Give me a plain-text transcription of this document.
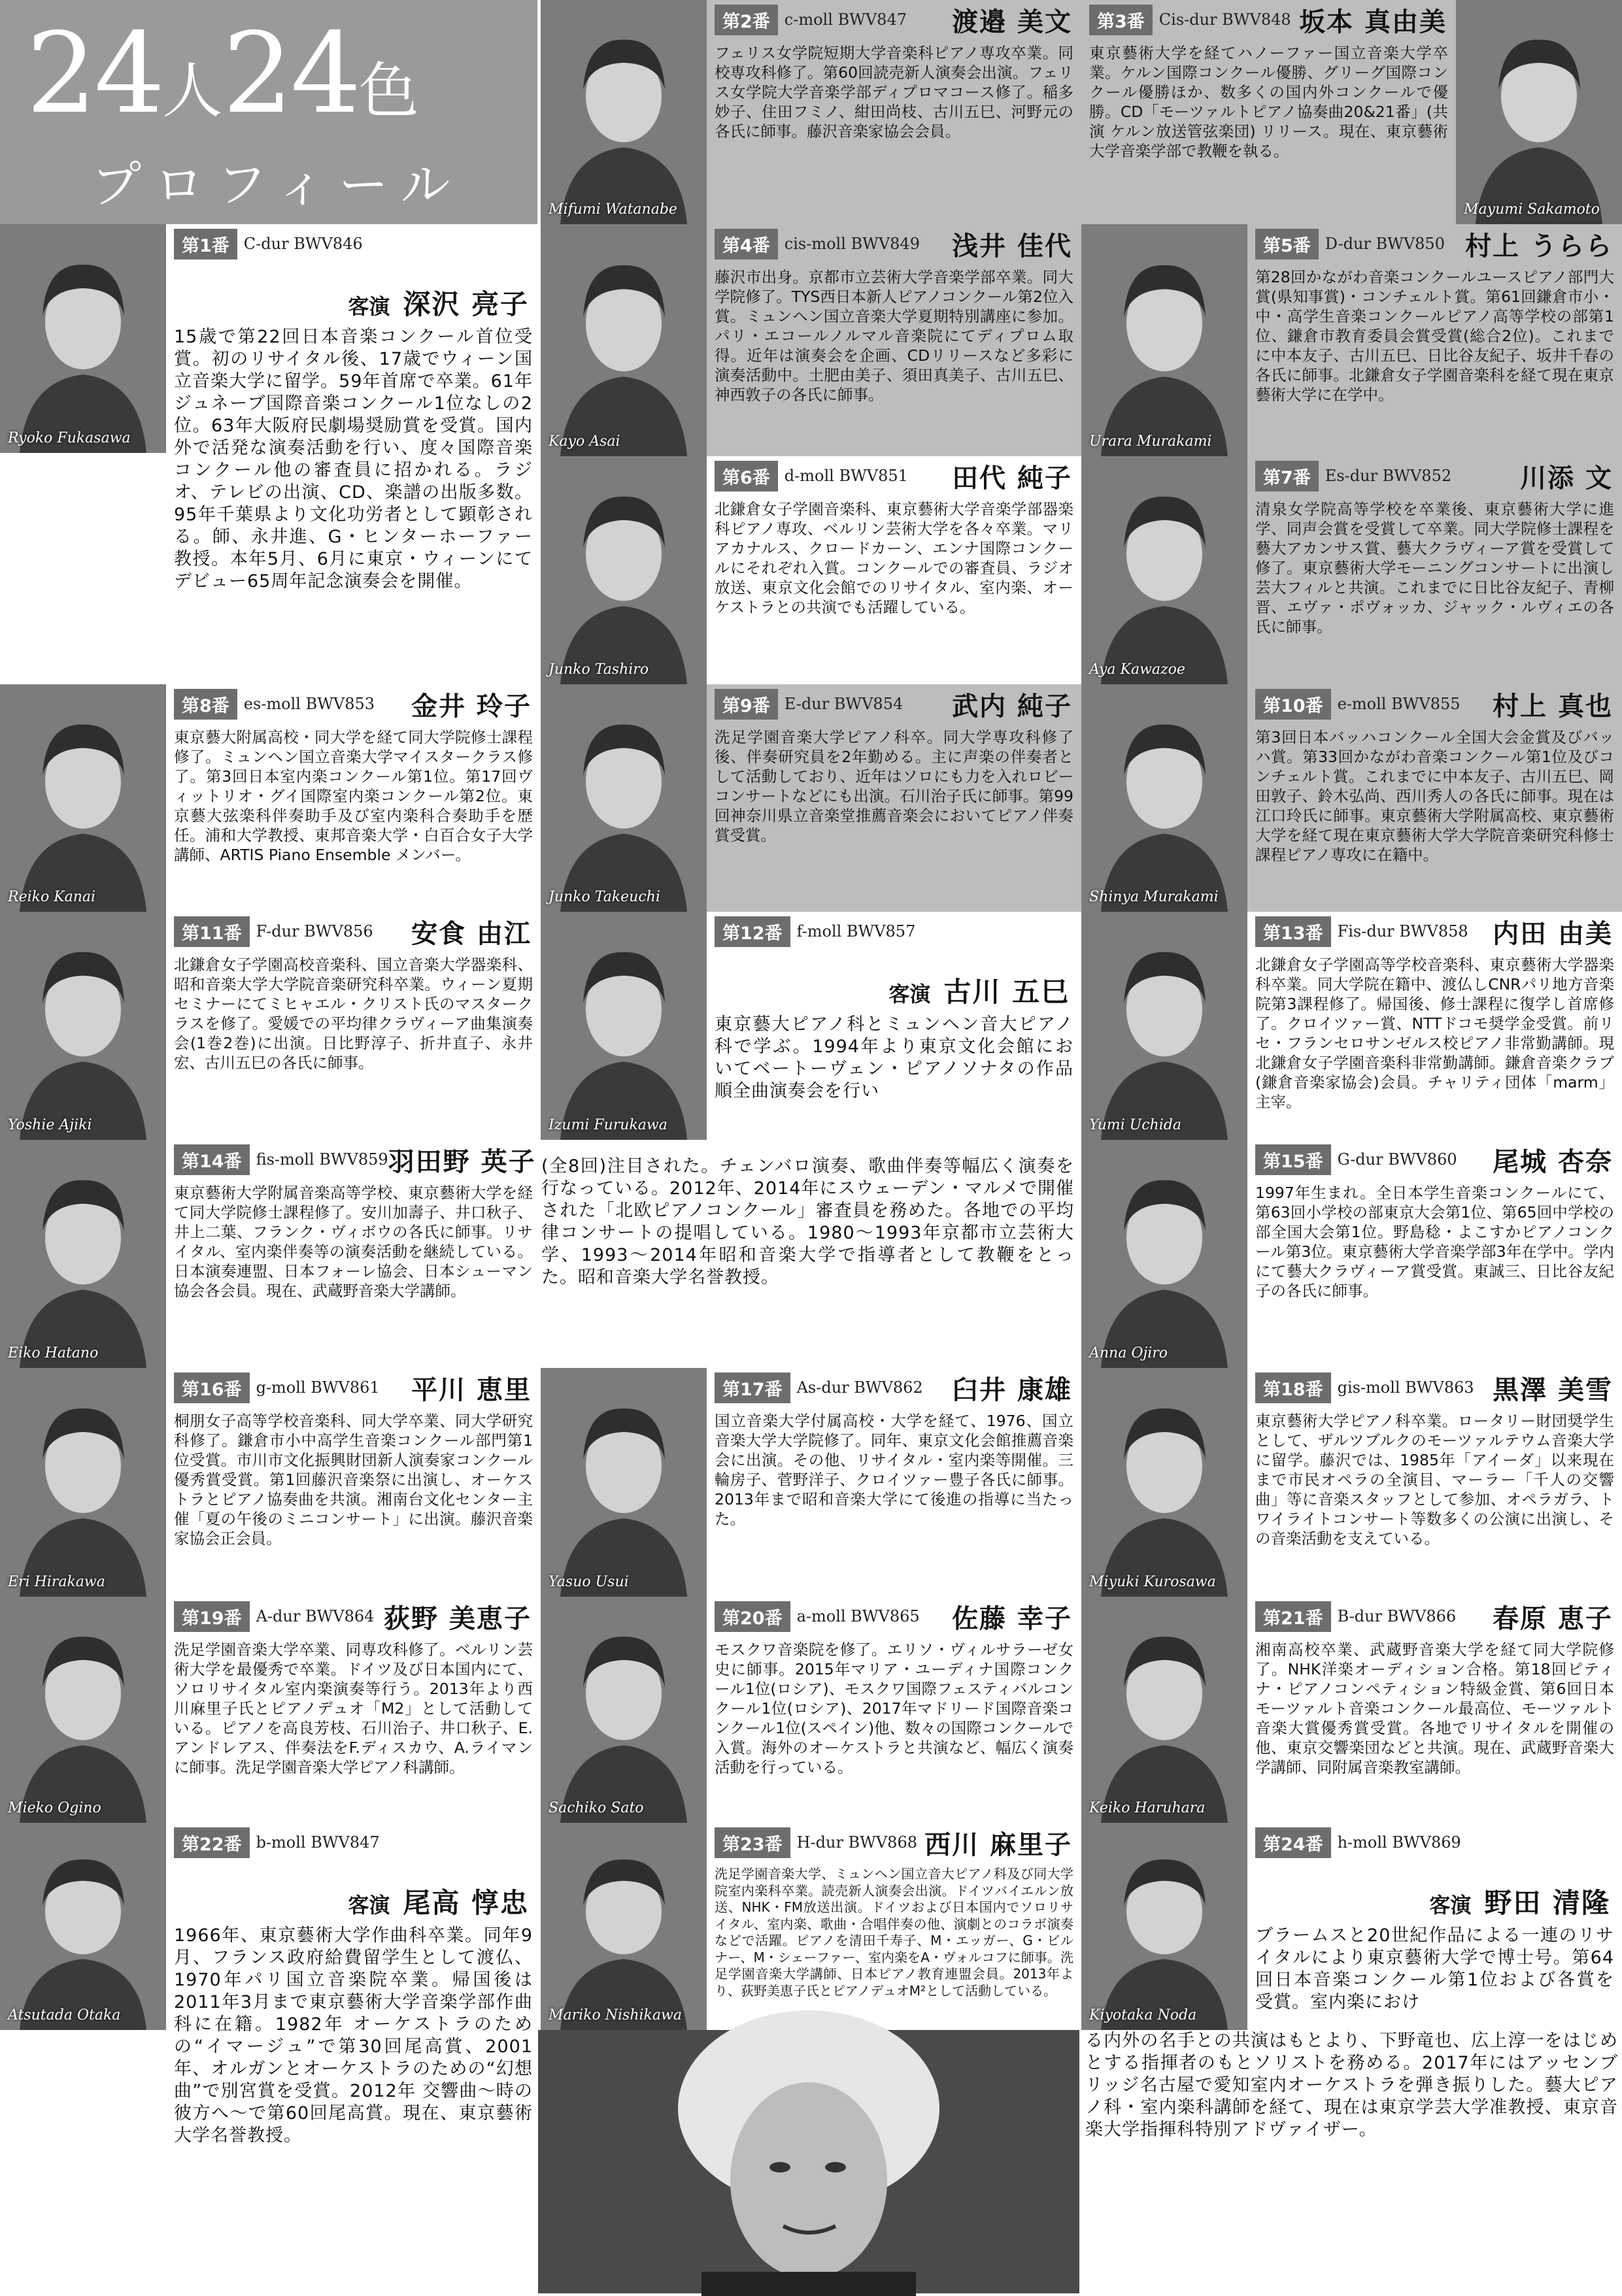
24人24色
プロフィール	Mifumi Watanabe
第2番 c-moll BWV847 渡邉 美文
フェリス女学院短期大学音楽科ピアノ専攻卒業。同校専攻科修了。第60回読売新人演奏会出演。フェリス女学院大学音楽学部ディプロマコース修了。稲多妙子、住田フミノ、紺田尚枝、古川五巳、河野元の各氏に師事。藤沢音楽家協会会員。
Mayumi Sakamoto
第3番 Cis-dur BWV848 坂本 真由美
東京藝術大学を経てハノーファー国立音楽大学卒業。ケルン国際コンクール優勝、グリーグ国際コンクール優勝ほか、数多くの国内外コンクールで優勝。CD「モーツァルトピアノ協奏曲20&21番」(共演 ケルン放送管弦楽団) リリース。現在、東京藝術大学音楽学部で教鞭を執る。
Ryoko Fukasawa
第1番 C-dur BWV846
客演 深沢 亮子
15歳で第22回日本音楽コンクール首位受賞。初のリサイタル後、17歳でウィーン国立音楽大学に留学。59年首席で卒業。61年ジュネーブ国際音楽コンクール1位なしの2位。63年大阪府民劇場奨励賞を受賞。国内外で活発な演奏活動を行い、度々国際音楽コンクール他の審査員に招かれる。ラジオ、テレビの出演、CD、楽譜の出版多数。95年千葉県より文化功労者として顕彰される。師、永井進、G・ヒンターホーファー教授。本年5月、6月に東京・ウィーンにてデビュー65周年記念演奏会を開催。
Kayo Asai
第4番 cis-moll BWV849 浅井 佳代
藤沢市出身。京都市立芸術大学音楽学部卒業。同大学院修了。TYS西日本新人ピアノコンクール第2位入賞。ミュンヘン国立音楽大学夏期特別講座に参加。パリ・エコールノルマル音楽院にてディプロム取得。近年は演奏会を企画、CDリリースなど多彩に演奏活動中。土肥由美子、須田真美子、古川五巳、神西敦子の各氏に師事。
Urara Murakami
第5番 D-dur BWV850 村上 うらら
第28回かながわ音楽コンクールユースピアノ部門大賞(県知事賞)・コンチェルト賞。第61回鎌倉市小・中・高学生音楽コンクールピアノ高等学校の部第1位、鎌倉市教育委員会賞受賞(総合2位)。これまでに中本友子、古川五巳、日比谷友紀子、坂井千春の各氏に師事。北鎌倉女子学園音楽科を経て現在東京藝術大学に在学中。
Junko Tashiro
第6番 d-moll BWV851 田代 純子
北鎌倉女子学園音楽科、東京藝術大学音楽学部器楽科ピアノ専攻、ベルリン芸術大学を各々卒業。マリアカナルス、クロードカーン、エンナ国際コンクールにそれぞれ入賞。コンクールでの審査員、ラジオ放送、東京文化会館でのリサイタル、室内楽、オーケストラとの共演でも活躍している。
Aya Kawazoe
第7番 Es-dur BWV852	川添 文
清泉女学院高等学校を卒業後、東京藝術大学に進学、同声会賞を受賞して卒業。同大学院修士課程を藝大アカンサス賞、藝大クラヴィーア賞を受賞して修了。東京藝術大学モーニングコンサートに出演し芸大フィルと共演。これまでに日比谷友紀子、青柳晋、エヴァ・ポヴォッカ、ジャック・ルヴィエの各氏に師事。
Reiko Kanai
第8番 es-moll BWV853 金井 玲子
東京藝大附属高校・同大学を経て同大学院修士課程修了。ミュンヘン国立音楽大学マイスタークラス修了。第3回日本室内楽コンクール第1位。第17回ヴィットリオ・グイ国際室内楽コンクール第2位。東京藝大弦楽科伴奏助手及び室内楽科合奏助手を歴任。浦和大学教授、東邦音楽大学・白百合女子大学講師、ARTIS Piano Ensemble メンバー。
Junko Takeuchi
第9番 E-dur BWV854 武内 純子
洗足学園音楽大学ピアノ科卒。同大学専攻科修了後、伴奏研究員を2年勤める。主に声楽の伴奏者として活動しており、近年はソロにも力を入れロビーコンサートなどにも出演。石川治子氏に師事。第99回神奈川県立音楽堂推薦音楽会においてピアノ伴奏賞受賞。
Shinya Murakami
第10番 e-moll BWV855 村上 真也
第3回日本バッハコンクール全国大会金賞及びバッハ賞。第33回かながわ音楽コンクール第1位及びコンチェルト賞。これまでに中本友子、古川五巳、岡田敦子、鈴木弘尚、西川秀人の各氏に師事。現在は江口玲氏に師事。東京藝術大学附属高校、東京藝術大学を経て現在東京藝術大学大学院音楽研究科修士課程ピアノ専攻に在籍中。
Yoshie Ajiki
第11番 F-dur BWV856 安食 由江
北鎌倉女子学園高校音楽科、国立音楽大学器楽科、昭和音楽大学大学院音楽研究科卒業。ウィーン夏期セミナーにてミヒャエル・クリスト氏のマスタークラスを修了。愛媛での平均律クラヴィーア曲集演奏会(1巻2巻)に出演。日比野淳子、折井直子、永井宏、古川五巳の各氏に師事。
Izumi Furukawa
第12番 f-moll BWV857
客演 古川 五巳
東京藝大ピアノ科とミュンヘン音大ピアノ科で学ぶ。1994年より東京文化会館においてベートーヴェン・ピアノソナタの作品順全曲演奏会を行い
Yumi Uchida
第13番 Fis-dur BWV858 内田 由美
北鎌倉女子学園高等学校音楽科、東京藝術大学器楽科卒業。同大学院在籍中、渡仏しCNRパリ地方音楽院第3課程修了。帰国後、修士課程に復学し首席修了。クロイツァー賞、NTTドコモ奨学金受賞。前リセ・フランセロサンゼルス校ピアノ非常勤講師。現北鎌倉女子学園音楽科非常勤講師。鎌倉音楽クラブ(鎌倉音楽家協会)会員。チャリティ団体「marm」主宰。
Eiko Hatano
第14番 fis-moll BWV859 羽田野 英子
東京藝術大学附属音楽高等学校、東京藝術大学を経て同大学院修士課程修了。安川加壽子、井口秋子、井上二葉、フランク・ヴィボウの各氏に師事。リサイタル、室内楽伴奏等の演奏活動を継続している。日本演奏連盟、日本フォーレ協会、日本シューマン協会各会員。現在、武蔵野音楽大学講師。
Anna Ojiro
第15番 G-dur BWV860 尾城 杏奈
1997年生まれ。全日本学生音楽コンクールにて、第63回小学校の部東京大会第1位、第65回中学校の部全国大会第1位。野島稔・よこすかピアノコンクール第3位。東京藝術大学音楽学部3年在学中。学内にて藝大クラヴィーア賞受賞。東誠三、日比谷友紀子の各氏に師事。
Eri Hirakawa
第16番 g-moll BWV861 平川 恵里
桐朋女子高等学校音楽科、同大学卒業、同大学研究科修了。鎌倉市小中高学生音楽コンクール部門第1位受賞。市川市文化振興財団新人演奏家コンクール優秀賞受賞。第1回藤沢音楽祭に出演し、オーケストラとピアノ協奏曲を共演。湘南台文化センター主催「夏の午後のミニコンサート」に出演。藤沢音楽家協会正会員。
Yasuo Usui
第17番 As-dur BWV862 臼井 康雄
国立音楽大学付属高校・大学を経て、1976、国立音楽大学大学院修了。同年、東京文化会館推薦音楽会に出演。その他、リサイタル・室内楽等開催。三輪房子、菅野洋子、クロイツァー豊子各氏に師事。2013年まで昭和音楽大学にて後進の指導に当たった。
Miyuki Kurosawa
第18番 gis-moll BWV863 黒澤 美雪
東京藝術大学ピアノ科卒業。ロータリー財団奨学生として、ザルツブルクのモーツァルテウム音楽大学に留学。藤沢では、1985年「アイーダ」以来現在まで市民オペラの全演目、マーラー「千人の交響曲」等に音楽スタッフとして参加、オペラガラ、トワイライトコンサート等数多くの公演に出演し、その音楽活動を支えている。
Mieko Ogino
第19番 A-dur BWV864 荻野 美恵子
洗足学園音楽大学卒業、同専攻科修了。ベルリン芸術大学を最優秀で卒業。ドイツ及び日本国内にて、ソロリサイタル室内楽演奏等行う。2013年より西川麻里子氏とピアノデュオ「M2」として活動している。ピアノを高良芳枝、石川治子、井口秋子、E.アンドレアス、伴奏法をF.ディスカウ、A.ライマンに師事。洗足学園音楽大学ピアノ科講師。
Sachiko Sato
第20番 a-moll BWV865 佐藤 幸子
モスクワ音楽院を修了。エリソ・ヴィルサラーゼ女史に師事。2015年マリア・ユーディナ国際コンクール1位(ロシア)、モスクワ国際フェスティバルコンクール1位(ロシア)、2017年マドリード国際音楽コンクール1位(スペイン)他、数々の国際コンクールで入賞。海外のオーケストラと共演など、幅広く演奏活動を行っている。
Keiko Haruhara
第21番 B-dur BWV866 春原 恵子
湘南高校卒業、武蔵野音楽大学を経て同大学院修了。NHK洋楽オーディション合格。第18回ピティナ・ピアノコンペティション特級金賞、第6回日本モーツァルト音楽コンクール最高位、モーツァルト音楽大賞優秀賞受賞。各地でリサイタルを開催の他、東京交響楽団などと共演。現在、武蔵野音楽大学講師、同附属音楽教室講師。
Atsutada Otaka
第22番 b-moll BWV847
客演 尾高 惇忠
1966年、東京藝術大学作曲科卒業。同年9月、フランス政府給費留学生として渡仏、1970年パリ国立音楽院卒業。帰国後は2011年3月まで東京藝術大学音楽学部作曲科に在籍。1982年 オーケストラのための“イマージュ”で第30回尾高賞、2001年、オルガンとオーケストラのための“幻想曲”で別宮賞を受賞。2012年 交響曲～時の彼方へ～で第60回尾高賞。現在、東京藝術大学名誉教授。
Mariko Nishikawa
第23番 H-dur BWV868 西川 麻里子
洗足学園音楽大学、ミュンヘン国立音大ピアノ科及び同大学院室内楽科卒業。読売新人演奏会出演。ドイツバイエルン放送、NHK・FM放送出演。ドイツおよび日本国内でソロリサイタル、室内楽、歌曲・合唱伴奏の他、演劇とのコラボ演奏などで活躍。ピアノを清田千寿子、M・エッガー、G・ビルナー、M・シェーファー、室内楽をA・ヴォルコフに師事。洗足学園音楽大学講師、日本ピアノ教育連盟会員。2013年より、荻野美恵子氏とピアノデュオM²として活動している。
Kiyotaka Noda
第24番 h-moll BWV869
客演 野田 清隆
ブラームスと20世紀作品による一連のリサイタルにより東京藝術大学で博士号。第64回日本音楽コンクール第1位および各賞を受賞。室内楽におけ
(全8回)注目された。チェンバロ演奏、歌曲伴奏等幅広く演奏を行なっている。2012年、2014年にスウェーデン・マルメで開催された「北欧ピアノコンクール」審査員を務めた。各地での平均律コンサートの提唱している。1980～1993年京都市立芸術大学、1993～2014年昭和音楽大学で指導者として教鞭をとった。昭和音楽大学名誉教授。
る内外の名手との共演はもとより、下野竜也、広上淳一をはじめとする指揮者のもとソリストを務める。2017年にはアッセンブリッジ名古屋で愛知室内オーケストラを弾き振りした。藝大ピアノ科・室内楽科講師を経て、現在は東京学芸大学准教授、東京音楽大学指揮科特別アドヴァイザー。
